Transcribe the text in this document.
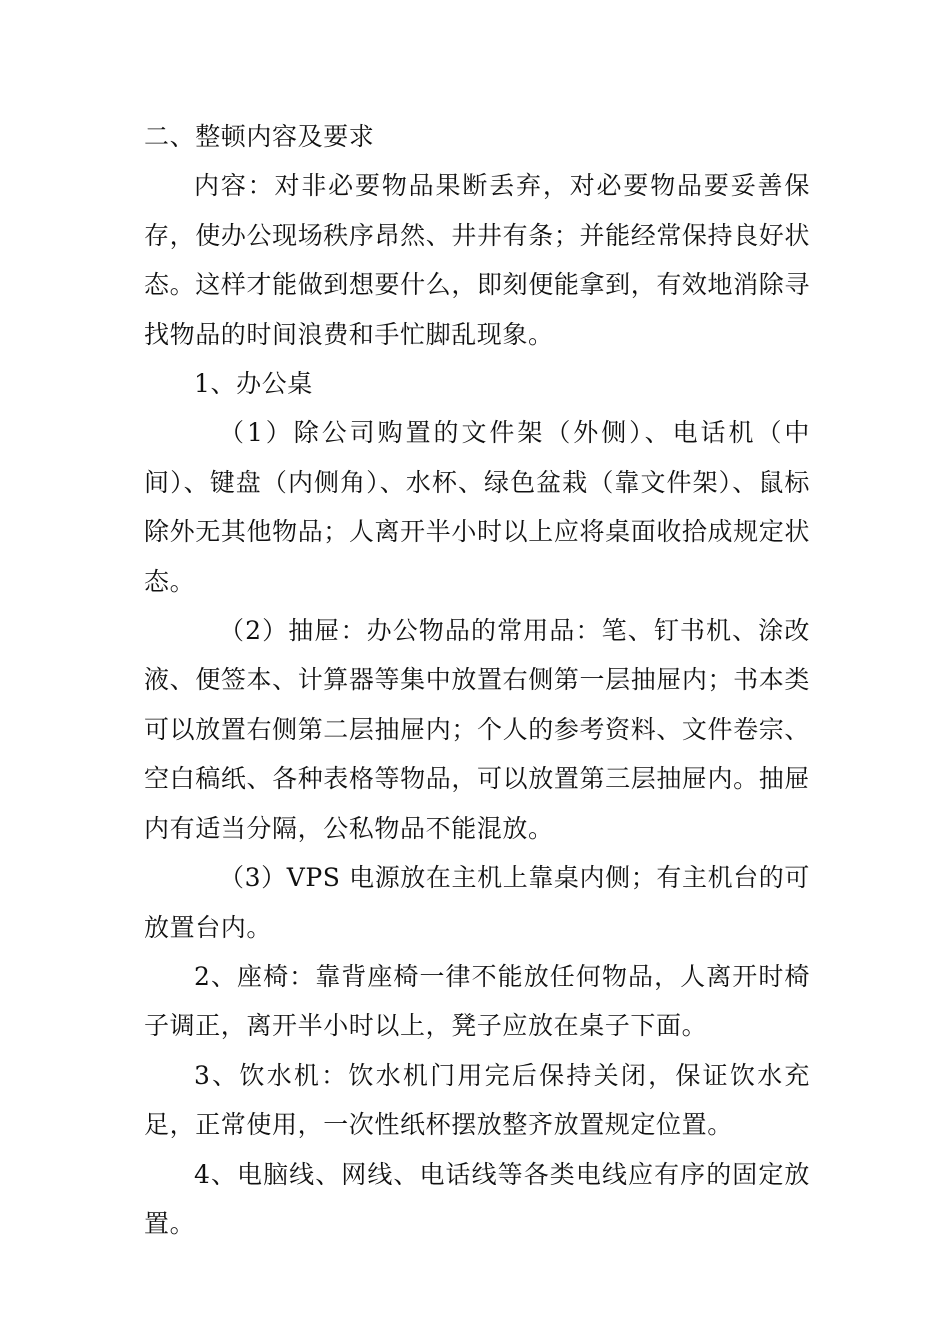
二、整顿内容及要求

内容：对非必要物品果断丢弃，对必要物品要妥善保存，使办公现场秩序昂然、井井有条；并能经常保持良好状态。这样才能做到想要什么，即刻便能拿到，有效地消除寻找物品的时间浪费和手忙脚乱现象。

1、办公桌

（1）除公司购置的文件架（外侧）、电话机（中间）、键盘（内侧角）、水杯、绿色盆栽（靠文件架）、鼠标除外无其他物品；人离开半小时以上应将桌面收拾成规定状态。

（2）抽屉：办公物品的常用品：笔、钉书机、涂改液、便签本、计算器等集中放置右侧第一层抽屉内；书本类可以放置右侧第二层抽屉内；个人的参考资料、文件卷宗、空白稿纸、各种表格等物品，可以放置第三层抽屉内。抽屉内有适当分隔，公私物品不能混放。

（3）VPS 电源放在主机上靠桌内侧；有主机台的可放置台内。

2、座椅：靠背座椅一律不能放任何物品，人离开时椅子调正，离开半小时以上，凳子应放在桌子下面。

3、饮水机：饮水机门用完后保持关闭，保证饮水充足，正常使用，一次性纸杯摆放整齐放置规定位置。

4、电脑线、网线、电话线等各类电线应有序的固定放置。
